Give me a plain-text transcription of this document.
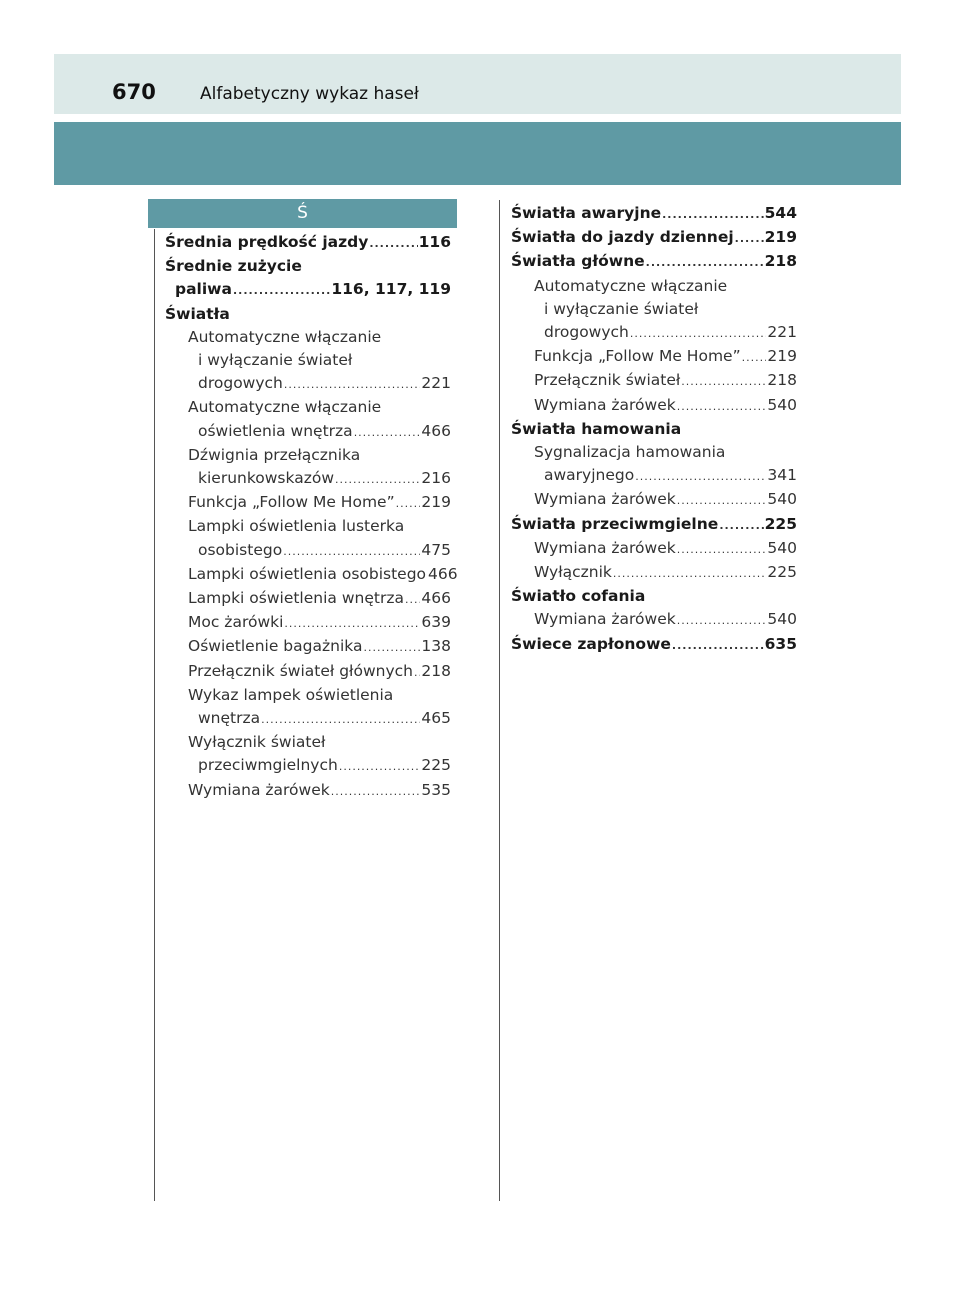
670	Alfabetyczny wykaz haseł
Ś
Średnia prędkość jazdy .....	116
Średnie zużycie
paliwa .....	116, 117, 119
Światła
Automatyczne włączanie
i wyłączanie świateł
drogowych .....	221
Automatyczne włączanie
oświetlenia wnętrza .....	466
Dźwignia przełącznika
kierunkowskazów .....	216
Funkcja „Follow Me Home” ..... 219
Lampki oświetlenia lusterka
osobistego .....	475
Lampki oświetlenia osobistego 466
Lampki oświetlenia wnętrza ..... 466
Moc żarówki .....	639
Oświetlenie bagażnika .....	138
Przełącznik świateł głównych ..... 218
Wykaz lampek oświetlenia
wnętrza .....	465
Wyłącznik świateł
przeciwmgielnych .....	225
Wymiana żarówek .....	535
Światła awaryjne .....	544
Światła do jazdy dziennej ..... 219
Światła główne .....	218
Automatyczne włączanie
i wyłączanie świateł
drogowych .....	221
Funkcja „Follow Me Home” ..... 219
Przełącznik świateł .....	218
Wymiana żarówek .....	540
Światła hamowania
Sygnalizacja hamowania
awaryjnego .....	341
Wymiana żarówek .....	540
Światła przeciwmgielne .....	225
Wymiana żarówek .....	540
Wyłącznik .....	225
Światło cofania
Wymiana żarówek .....	540
Świece zapłonowe .....	635
